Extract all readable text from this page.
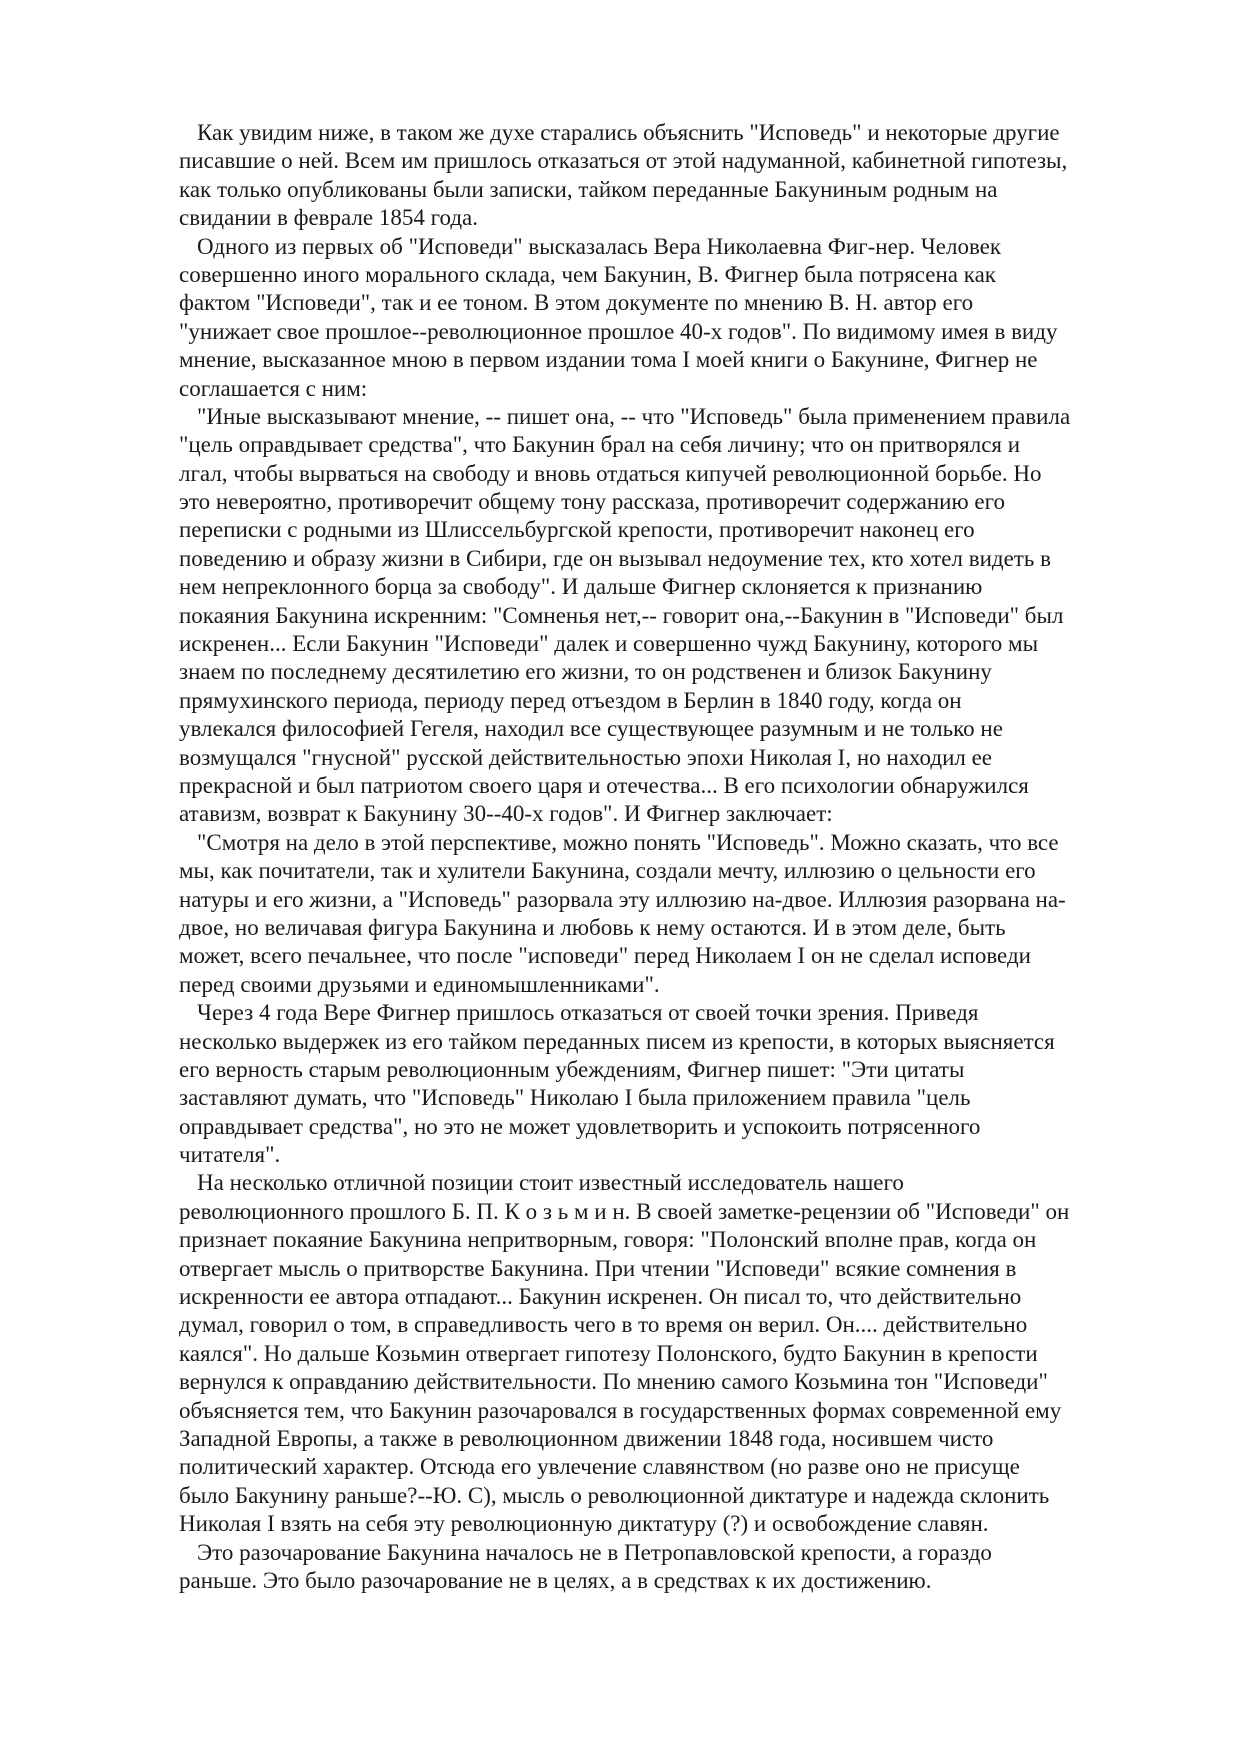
Как увидим ниже, в таком же духе старались объяснить "Исповедь" и некоторые другие
писавшие о ней. Всем им пришлось отказаться от этой надуманной, кабинетной гипотезы,
как только опубликованы были записки, тайком переданные Бакуниным родным на
свидании в феврале 1854 года.
Одного из первых об "Исповеди" высказалась Вера Николаевна Фиг-нер. Человек
совершенно иного морального склада, чем Бакунин, В. Фигнер была потрясена как
фактом "Исповеди", так и ее тоном. В этом документе по мнению В. Н. автор его
"унижает свое прошлое--революционное прошлое 40-х годов". По видимому имея в виду
мнение, высказанное мною в первом издании тома I моей книги о Бакунине, Фигнер не
соглашается с ним:
"Иные высказывают мнение, -- пишет она, -- что "Исповедь" была применением правила
"цель оправдывает средства", что Бакунин брал на себя личину; что он притворялся и
лгал, чтобы вырваться на свободу и вновь отдаться кипучей революционной борьбе. Но
это невероятно, противоречит общему тону рассказа, противоречит содержанию его
переписки с родными из Шлиссельбургской крепости, противоречит наконец его
поведению и образу жизни в Сибири, где он вызывал недоумение тех, кто хотел видеть в
нем непреклонного борца за свободу". И дальше Фигнер склоняется к признанию
покаяния Бакунина искренним: "Сомненья нет,-- говорит она,--Бакунин в "Исповеди" был
искренен... Если Бакунин "Исповеди" далек и совершенно чужд Бакунину, которого мы
знаем по последнему десятилетию его жизни, то он родственен и близок Бакунину
прямухинского периода, периоду перед отъездом в Берлин в 1840 году, когда он
увлекался философией Гегеля, находил все существующее разумным и не только не
возмущался "гнусной" русской действительностью эпохи Николая I, но находил ее
прекрасной и был патриотом своего царя и отечества... В его психологии обнаружился
атавизм, возврат к Бакунину 30--40-х годов". И Фигнер заключает:
"Смотря на дело в этой перспективе, можно понять "Исповедь". Можно сказать, что все
мы, как почитатели, так и хулители Бакунина, создали мечту, иллюзию о цельности его
натуры и его жизни, а "Исповедь" разорвала эту иллюзию на-двое. Иллюзия разорвана на-
двое, но величавая фигура Бакунина и любовь к нему остаются. И в этом деле, быть
может, всего печальнее, что после "исповеди" перед Николаем I он не сделал исповеди
перед своими друзьями и единомышленниками".
Через 4 года Вере Фигнер пришлось отказаться от своей точки зрения. Приведя
несколько выдержек из его тайком переданных писем из крепости, в которых выясняется
его верность старым революционным убеждениям, Фигнер пишет: "Эти цитаты
заставляют думать, что "Исповедь" Николаю I была приложением правила "цель
оправдывает средства", но это не может удовлетворить и успокоить потрясенного
читателя".
На несколько отличной позиции стоит известный исследователь нашего
революционного прошлого Б. П. К о з ь м и н. В своей заметке-рецензии об "Исповеди" он
признает покаяние Бакунина непритворным, говоря: "Полонский вполне прав, когда он
отвергает мысль о притворстве Бакунина. При чтении "Исповеди" всякие сомнения в
искренности ее автора отпадают... Бакунин искренен. Он писал то, что действительно
думал, говорил о том, в справедливость чего в то время он верил. Он.... действительно
каялся". Но дальше Козьмин отвергает гипотезу Полонского, будто Бакунин в крепости
вернулся к оправданию действительности. По мнению самого Козьмина тон "Исповеди"
объясняется тем, что Бакунин разочаровался в государственных формах современной ему
Западной Европы, а также в революционном движении 1848 года, носившем чисто
политический характер. Отсюда его увлечение славянством (но разве оно не присуще
было Бакунину раньше?--Ю. С), мысль о революционной диктатуре и надежда склонить
Николая I взять на себя эту революционную диктатуру (?) и освобождение славян.
Это разочарование Бакунина началось не в Петропавловской крепости, а гораздо
раньше. Это было разочарование не в целях, а в средствах к их достижению.
